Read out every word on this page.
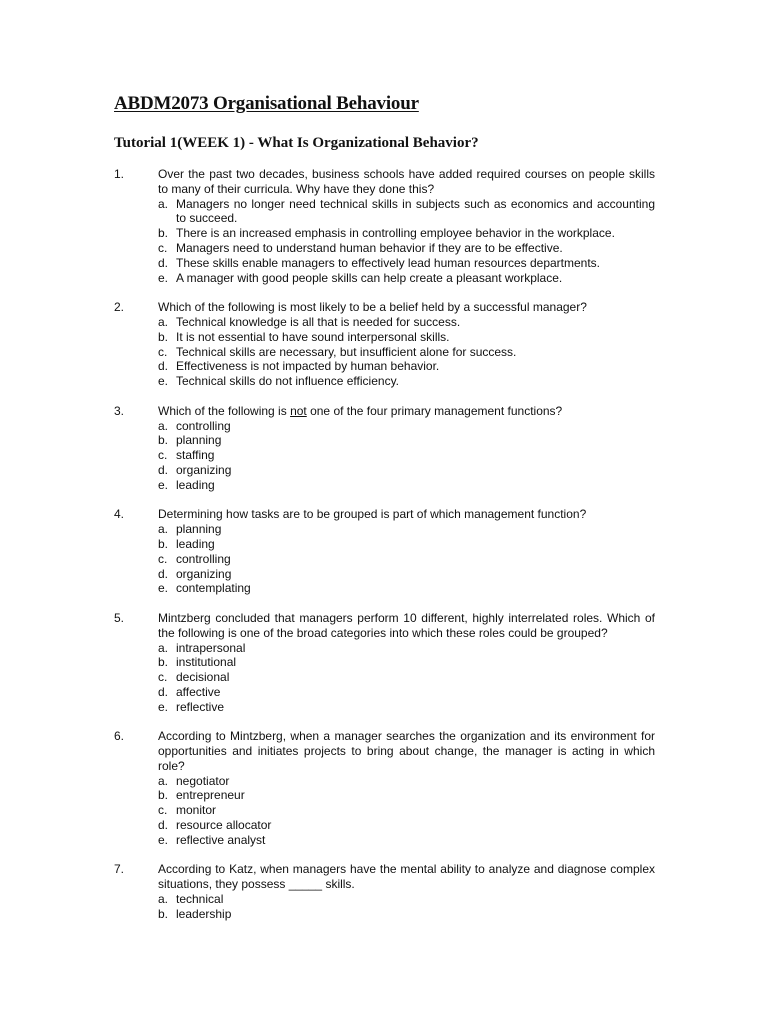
ABDM2073 Organisational Behaviour
Tutorial 1(WEEK 1) - What Is Organizational Behavior?
1.	Over the past two decades, business schools have added required courses on people skills to many of their curricula. Why have they done this?
a. Managers no longer need technical skills in subjects such as economics and accounting to succeed.
b. There is an increased emphasis in controlling employee behavior in the workplace.
c. Managers need to understand human behavior if they are to be effective.
d. These skills enable managers to effectively lead human resources departments.
e. A manager with good people skills can help create a pleasant workplace.
2.	Which of the following is most likely to be a belief held by a successful manager?
a. Technical knowledge is all that is needed for success.
b. It is not essential to have sound interpersonal skills.
c. Technical skills are necessary, but insufficient alone for success.
d. Effectiveness is not impacted by human behavior.
e. Technical skills do not influence efficiency.
3.	Which of the following is not one of the four primary management functions?
a. controlling
b. planning
c. staffing
d. organizing
e. leading
4.	Determining how tasks are to be grouped is part of which management function?
a. planning
b. leading
c. controlling
d. organizing
e. contemplating
5.	Mintzberg concluded that managers perform 10 different, highly interrelated roles. Which of the following is one of the broad categories into which these roles could be grouped?
a. intrapersonal
b. institutional
c. decisional
d. affective
e. reflective
6.	According to Mintzberg, when a manager searches the organization and its environment for opportunities and initiates projects to bring about change, the manager is acting in which role?
a. negotiator
b. entrepreneur
c. monitor
d. resource allocator
e. reflective analyst
7.	According to Katz, when managers have the mental ability to analyze and diagnose complex situations, they possess _____ skills.
a. technical
b. leadership
